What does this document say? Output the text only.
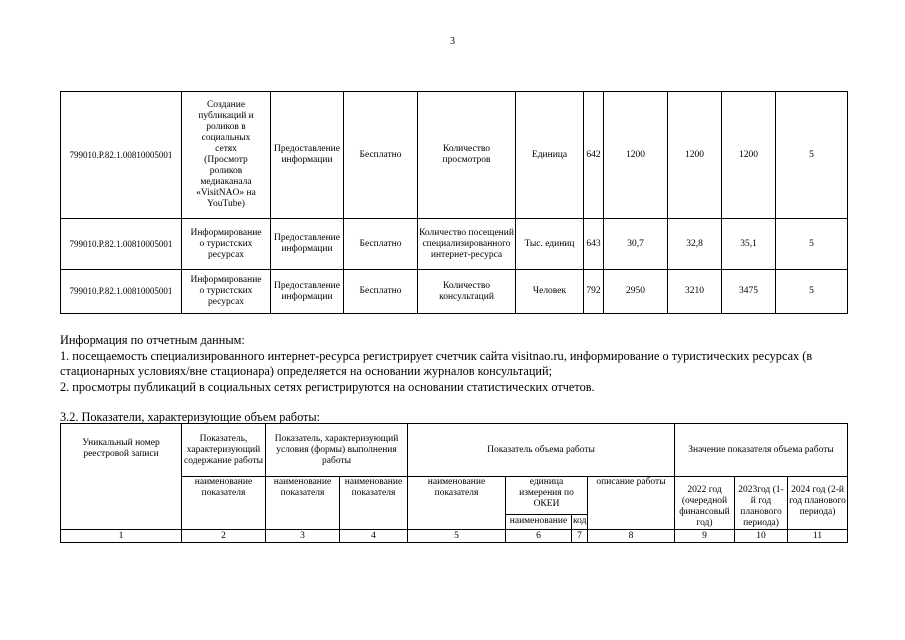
3
799010.Р.82.1.00810005001	Создание публикаций и роликов в социальных сетях (Просмотр роликов медиаканала «VisitNAO» на YouTube)	Предоставление информации	Бесплатно	Количество просмотров	Единица	642	1200	1200	1200	5
799010.Р.82.1.00810005001	Информирование о туристских ресурсах	Предоставление информации	Бесплатно	Количество посещений специализированного интернет-ресурса	Тыс. единиц	643	30,7	32,8	35,1	5
799010.Р.82.1.00810005001	Информирование о туристских ресурсах	Предоставление информации	Бесплатно	Количество консультаций	Человек	792	2950	3210	3475	5

Информация по отчетным данным:

1. посещаемость специализированного интернет-ресурса регистрирует счетчик сайта visitnao.ru, информирование о туристических ресурсах (в стационарных условиях/вне стационара) определяется на основании журналов консультаций;

2. просмотры публикаций в социальных сетях регистрируются на основании статистических отчетов.

3.2. Показатели, характеризующие объем работы:
Уникальный номер реестровой записи	Показатель, характеризующий содержание работы	Показатель, характеризующий условия (формы) выполнения работы		Показатель объема работы				Значение показателя объема работы		
	наименование показателя	наименование показателя	наименование показателя	наименование показателя	единица измерения по ОКЕИ		описание работы	2022 год (очередной финансовый год)	2023год (1-й год планового периода)	2024 год (2-й год планового периода)
					наименование	код				
1	2	3	4	5	6	7	8	9	10	11
